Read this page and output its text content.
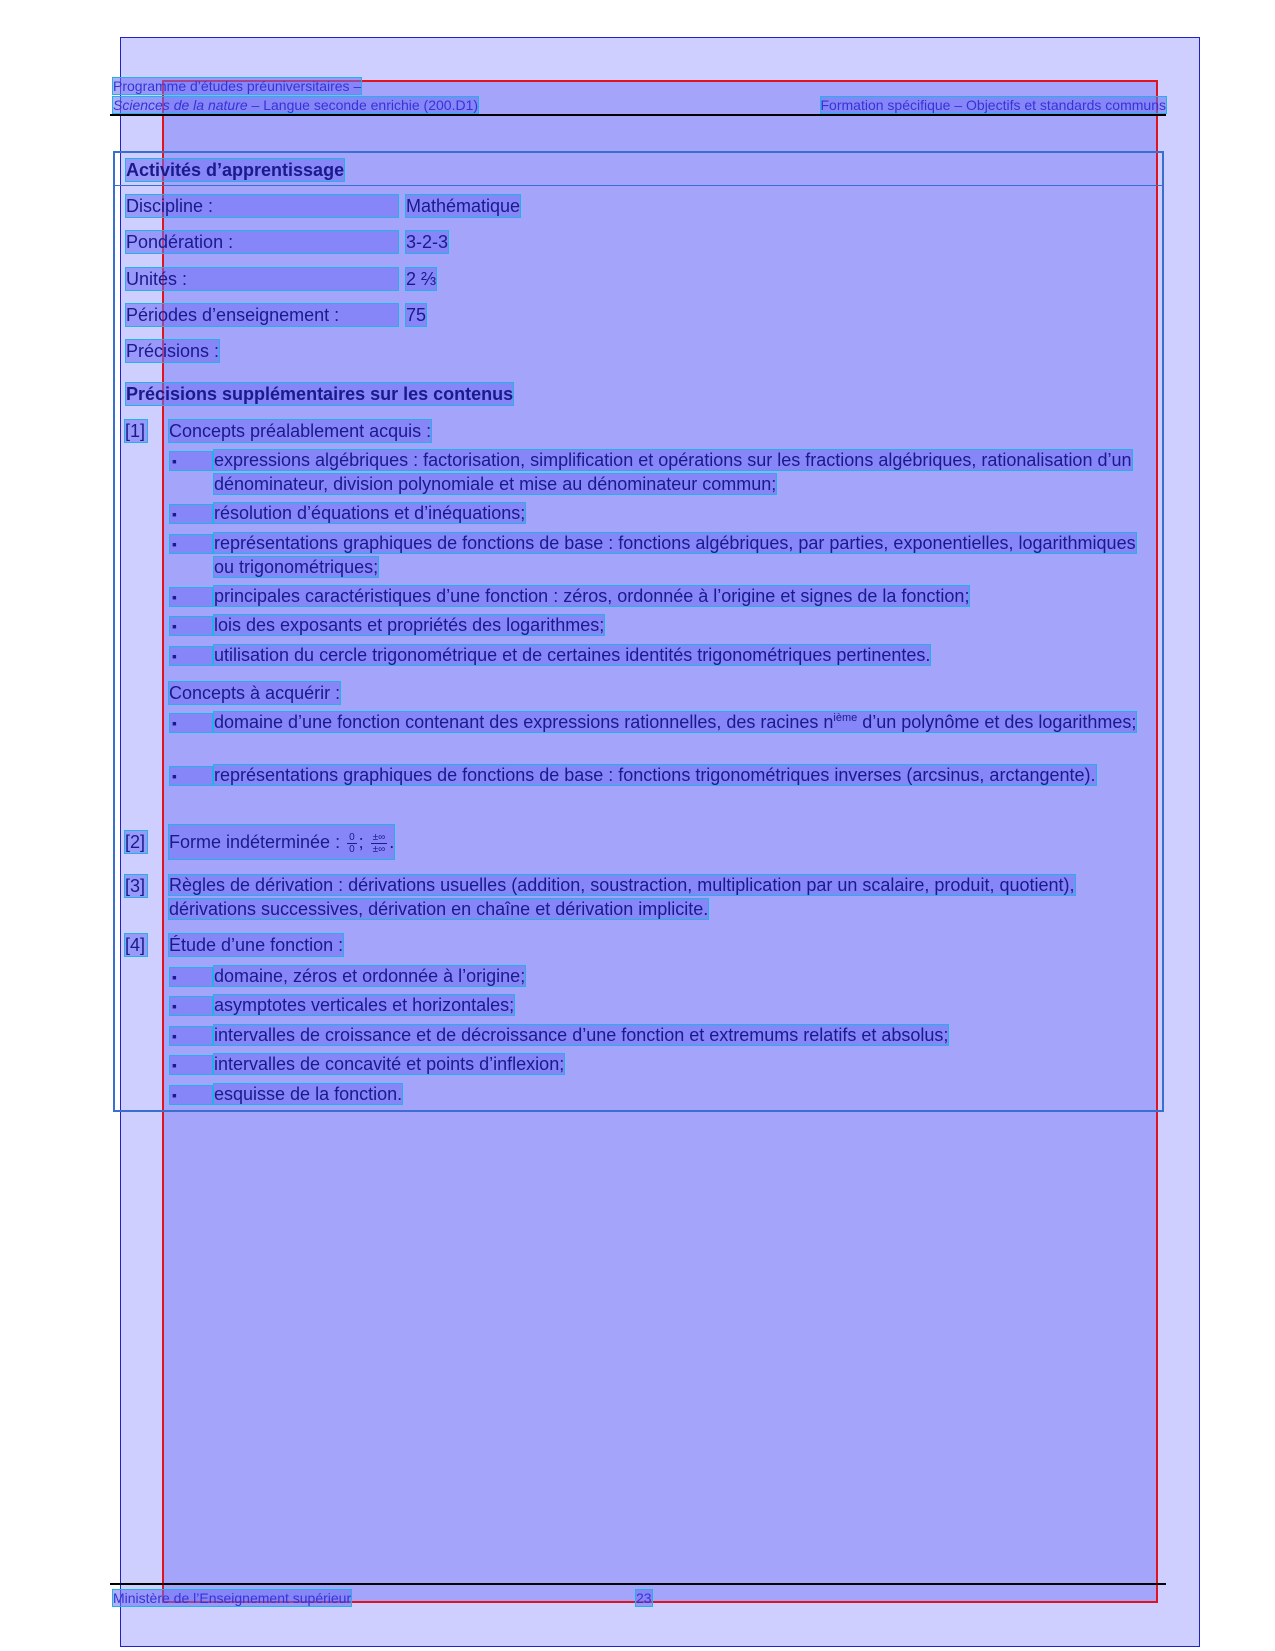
Programme d’études préuniversitaires –
Sciences de la nature – Langue seconde enrichie (200.D1)	Formation spécifique – Objectifs et standards communs
Activités d’apprentissage
Discipline :	Mathématique
Pondération :	3-2-3
Unités :	2 ⅔
Périodes d’enseignement :	75
Précisions :
Précisions supplémentaires sur les contenus
[1] Concepts préalablement acquis :
▪	expressions algébriques : factorisation, simplification et opérations sur les fractions algébriques, rationalisation d’un dénominateur, division polynomiale et mise au dénominateur commun;
▪	résolution d’équations et d’inéquations;
▪	représentations graphiques de fonctions de base : fonctions algébriques, par parties, exponentielles, logarithmiques ou trigonométriques;
▪	principales caractéristiques d’une fonction : zéros, ordonnée à l’origine et signes de la fonction;
▪	lois des exposants et propriétés des logarithmes;
▪	utilisation du cercle trigonométrique et de certaines identités trigonométriques pertinentes.
Concepts à acquérir :
▪	domaine d’une fonction contenant des expressions rationnelles, des racines $n^{ième}$ d’un polynôme et des logarithmes;
▪	représentations graphiques de fonctions de base : fonctions trigonométriques inverses (arcsinus, arctangente).
[2] Forme indéterminée : $\frac{0}{0}$ ; $\frac{\pm\infty}{\pm\infty}$ .
[3] Règles de dérivation : dérivations usuelles (addition, soustraction, multiplication par un scalaire, produit, quotient), dérivations successives, dérivation en chaîne et dérivation implicite.
[4] Étude d’une fonction :
▪	domaine, zéros et ordonnée à l’origine;
▪	asymptotes verticales et horizontales;
▪	intervalles de croissance et de décroissance d’une fonction et extremums relatifs et absolus;
▪	intervalles de concavité et points d’inflexion;
▪	esquisse de la fonction.
Ministère de l’Enseignement supérieur	23
